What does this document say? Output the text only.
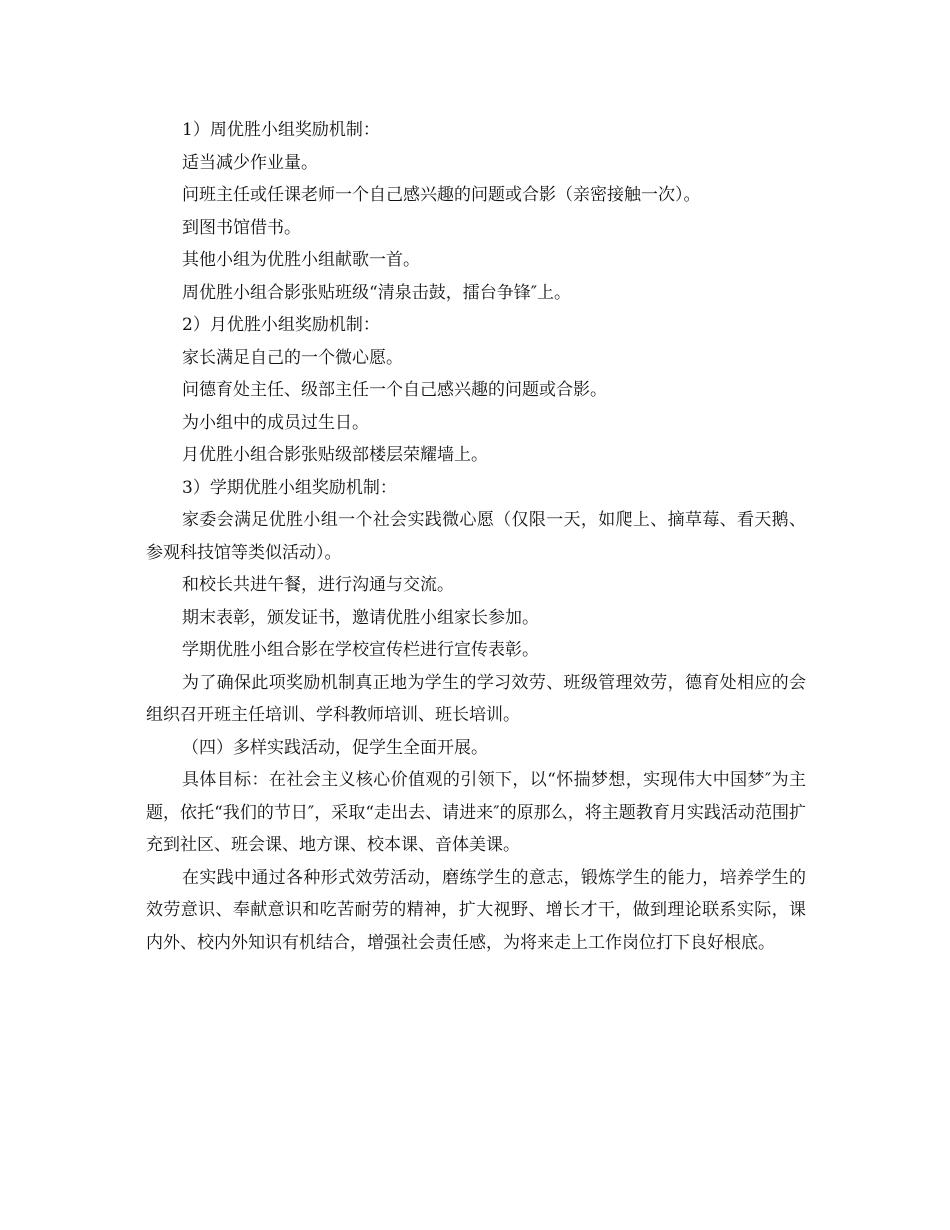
1）周优胜小组奖励机制：

适当减少作业量。

问班主任或任课老师一个自己感兴趣的问题或合影（亲密接触一次）。

到图书馆借书。

其他小组为优胜小组献歌一首。

周优胜小组合影张贴班级“清泉击鼓，擂台争锋″上。

2）月优胜小组奖励机制：

家长满足自己的一个微心愿。

问德育处主任、级部主任一个自己感兴趣的问题或合影。

为小组中的成员过生日。

月优胜小组合影张贴级部楼层荣耀墙上。

3）学期优胜小组奖励机制：

家委会满足优胜小组一个社会实践微心愿（仅限一天，如爬上、摘草莓、看天鹅、参观科技馆等类似活动）。

和校长共进午餐，进行沟通与交流。

期末表彰，颁发证书，邀请优胜小组家长参加。

学期优胜小组合影在学校宣传栏进行宣传表彰。

为了确保此项奖励机制真正地为学生的学习效劳、班级管理效劳，德育处相应的会组织召开班主任培训、学科教师培训、班长培训。

（四）多样实践活动，促学生全面开展。

具体目标：在社会主义核心价值观的引领下，以“怀揣梦想，实现伟大中国梦″为主题，依托“我们的节日″，采取“走出去、请进来″的原那么，将主题教育月实践活动范围扩充到社区、班会课、地方课、校本课、音体美课。

在实践中通过各种形式效劳活动，磨练学生的意志，锻炼学生的能力，培养学生的效劳意识、奉献意识和吃苦耐劳的精神，扩大视野、增长才干，做到理论联系实际，课内外、校内外知识有机结合，增强社会责任感，为将来走上工作岗位打下良好根底。
